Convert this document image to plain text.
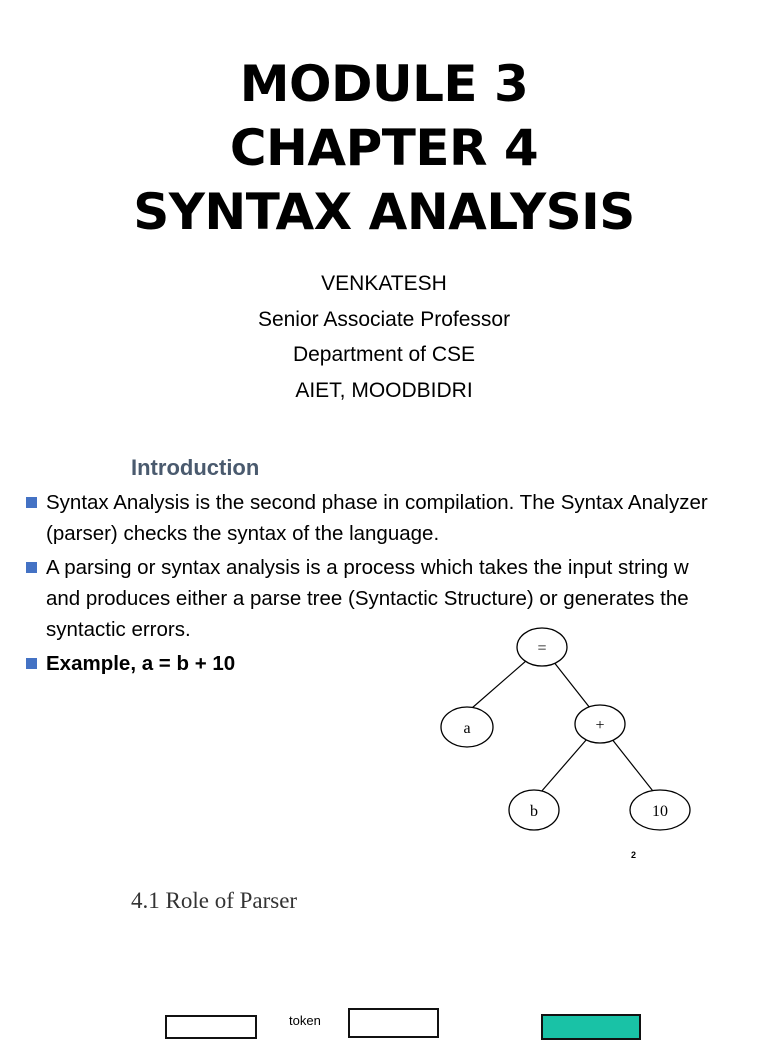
MODULE 3
CHAPTER 4
SYNTAX ANALYSIS
VENKATESH
Senior Associate Professor
Department of CSE
AIET, MOODBIDRI
Introduction
Syntax Analysis is the second phase in compilation. The Syntax Analyzer (parser) checks the syntax of the language.
A parsing or syntax analysis is a process which takes the input string w and produces either a parse tree (Syntactic Structure) or generates the syntactic errors.
Example, a = b + 10
=
a	+
b	10
2
4.1 Role of Parser
token
